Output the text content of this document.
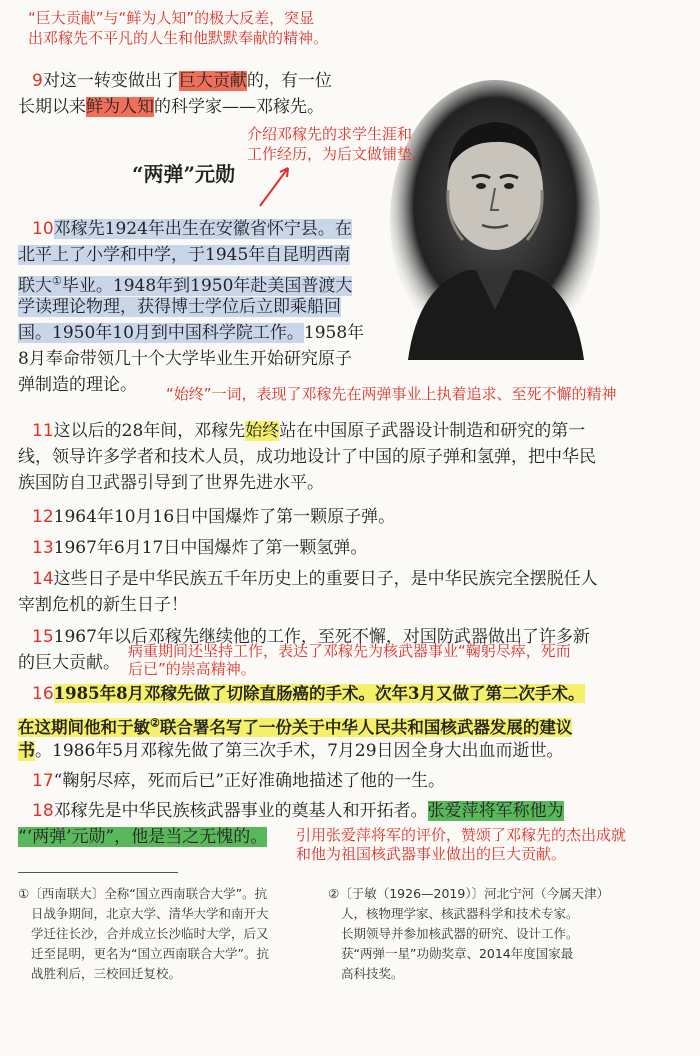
“巨大贡献”与“鲜为人知”的极大反差，突显
出邓稼先不平凡的人生和他默默奉献的精神。
9对这一转变做出了巨大贡献的，有一位
长期以来鲜为人知的科学家——邓稼先。
介绍邓稼先的求学生涯和
工作经历，为后文做铺垫。
“两弹”元勋
10邓稼先1924年出生在安徽省怀宁县。在
北平上了小学和中学，于1945年自昆明西南
联大①毕业。1948年到1950年赴美国普渡大
学读理论物理，获得博士学位后立即乘船回
国。1950年10月到中国科学院工作。1958年
8月奉命带领几十个大学毕业生开始研究原子
弹制造的理论。 “始终”一词，表现了邓稼先在两弹事业上执着追求、至死不懈的精神
11这以后的28年间，邓稼先始终站在中国原子武器设计制造和研究的第一
线，领导许多学者和技术人员，成功地设计了中国的原子弹和氢弹，把中华民
族国防自卫武器引导到了世界先进水平。
121964年10月16日中国爆炸了第一颗原子弹。
131967年6月17日中国爆炸了第一颗氢弹。
14这些日子是中华民族五千年历史上的重要日子，是中华民族完全摆脱任人
宰割危机的新生日子！
151967年以后邓稼先继续他的工作，至死不懈，对国防武器做出了许多新
的巨大贡献。
病重期间还坚持工作，表达了邓稼先为核武器事业“鞠躬尽瘁，死而
后已”的崇高精神。
161985年8月邓稼先做了切除直肠癌的手术。次年3月又做了第二次手术。
在这期间他和于敏②联合署名写了一份关于中华人民共和国核武器发展的建议
书。1986年5月邓稼先做了第三次手术，7月29日因全身大出血而逝世。
17“鞠躬尽瘁，死而后已”正好准确地描述了他的一生。
18邓稼先是中华民族核武器事业的奠基人和开拓者。张爱萍将军称他为
“‘两弹’元勋”，他是当之无愧的。 引用张爱萍将军的评价，赞颂了邓稼先的杰出成就
和他为祖国核武器事业做出的巨大贡献。
①〔西南联大〕全称“国立西南联合大学”。抗
日战争期间，北京大学、清华大学和南开大
学迁往长沙，合并成立长沙临时大学，后又
迁至昆明，更名为“国立西南联合大学”。抗
战胜利后，三校回迁复校。
②〔于敏（1926—2019）〕河北宁河（今属天津）
人，核物理学家、核武器科学和技术专家。
长期领导并参加核武器的研究、设计工作。
获“两弹一星”功勋奖章、2014年度国家最
高科技奖。
